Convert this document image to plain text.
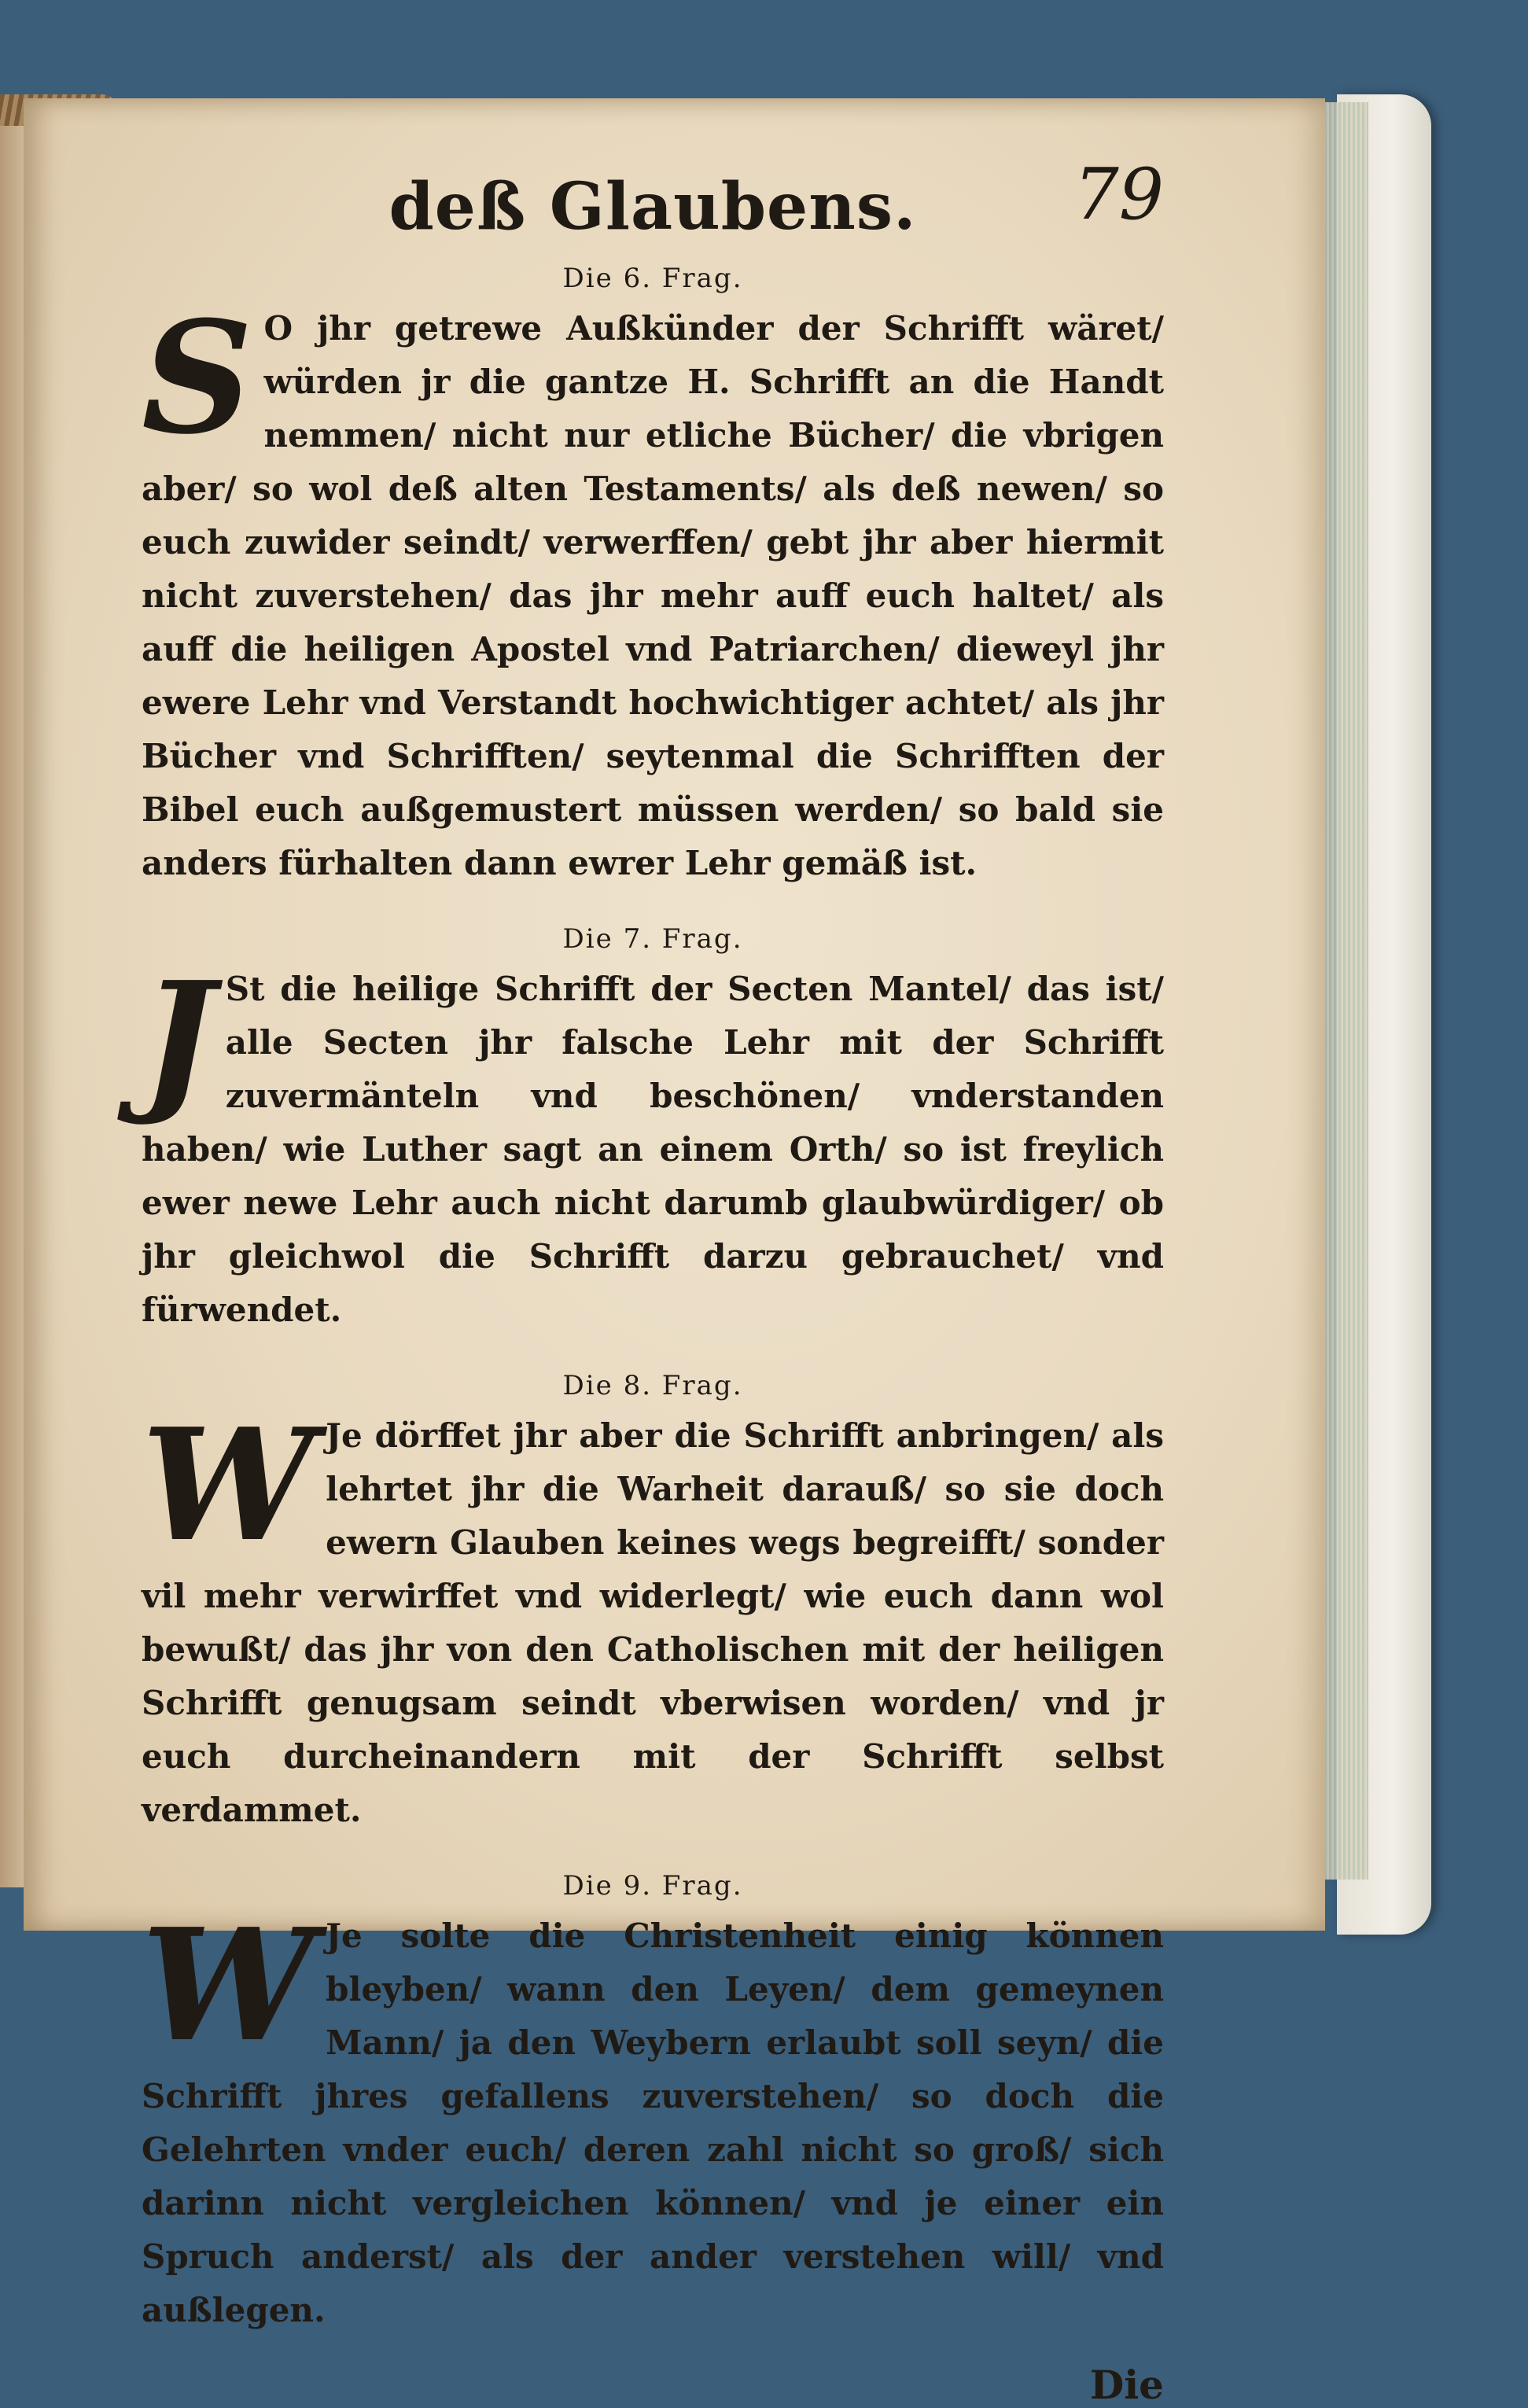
deß Glaubens. 79
Die 6. Frag.

S O jhr getrewe Außkünder der Schrifft wäret/ würden jr die gantze H. Schrifft an die Handt nemmen/ nicht nur etliche Bücher/ die vbrigen aber/ so wol deß alten Testaments/ als deß newen/ so euch zuwider seindt/ verwerffen/ gebt jhr aber hiermit nicht zuverstehen/ das jhr mehr auff euch haltet/ als auff die heiligen Apostel vnd Patriarchen/ dieweyl jhr ewere Lehr vnd Verstandt hochwichtiger achtet/ als jhr Bücher vnd Schrifften/ seytenmal die Schrifften der Bibel euch außgemustert müssen werden/ so bald sie anders fürhalten dann ewrer Lehr gemäß ist.

Die 7. Frag.

J St die heilige Schrifft der Secten Mantel/ das ist/ alle Secten jhr falsche Lehr mit der Schrifft zuvermänteln vnd beschönen/ vnderstanden haben/ wie Luther sagt an einem Orth/ so ist freylich ewer newe Lehr auch nicht darumb glaubwürdiger/ ob jhr gleichwol die Schrifft darzu gebrauchet/ vnd fürwendet.

Die 8. Frag.

W Je dörffet jhr aber die Schrifft anbringen/ als lehrtet jhr die Warheit darauß/ so sie doch ewern Glauben keines wegs begreifft/ sonder vil mehr verwirffet vnd widerlegt/ wie euch dann wol bewußt/ das jhr von den Catholischen mit der heiligen Schrifft genugsam seindt vberwisen worden/ vnd jr euch durcheinandern mit der Schrifft selbst verdammet.

Die 9. Frag.

W Je solte die Christenheit einig können bleyben/ wann den Leyen/ dem gemeynen Mann/ ja den Weybern erlaubt soll seyn/ die Schrifft jhres gefallens zuverstehen/ so doch die Gelehrten vnder euch/ deren zahl nicht so groß/ sich darinn nicht vergleichen können/ vnd je einer ein Spruch anderst/ als der ander verstehen will/ vnd außlegen.

Die
